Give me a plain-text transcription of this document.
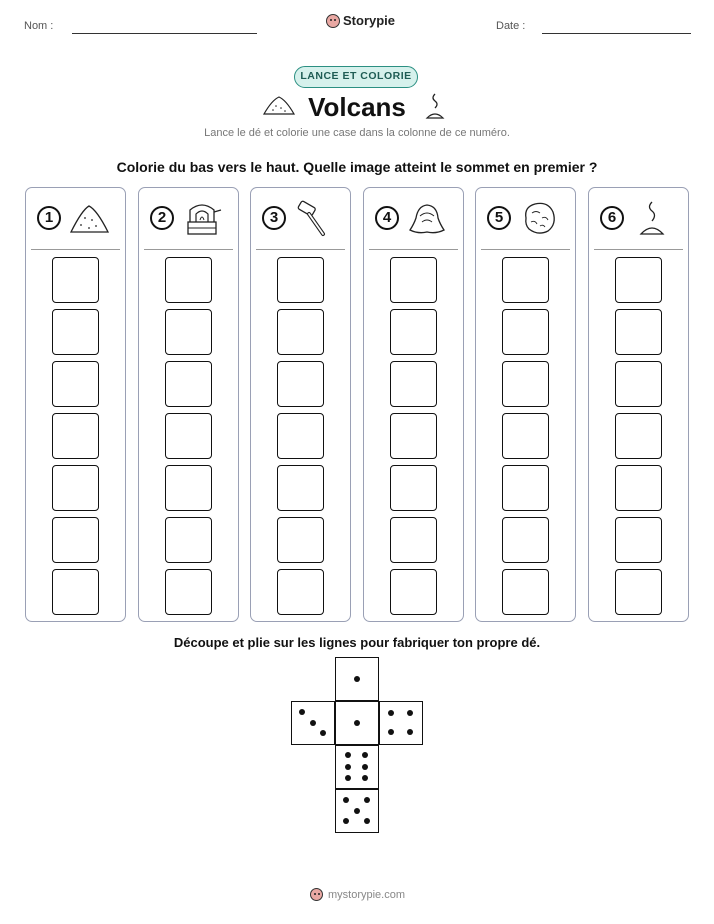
Nom :	Storypie	Date :
LANCE ET COLORIE
Volcans
Lance le dé et colorie une case dans la colonne de ce numéro.
Colorie du bas vers le haut. Quelle image atteint le sommet en premier ?
1	2	3	4	5	6
Découpe et plie sur les lignes pour fabriquer ton propre dé.
mystorypie.com
